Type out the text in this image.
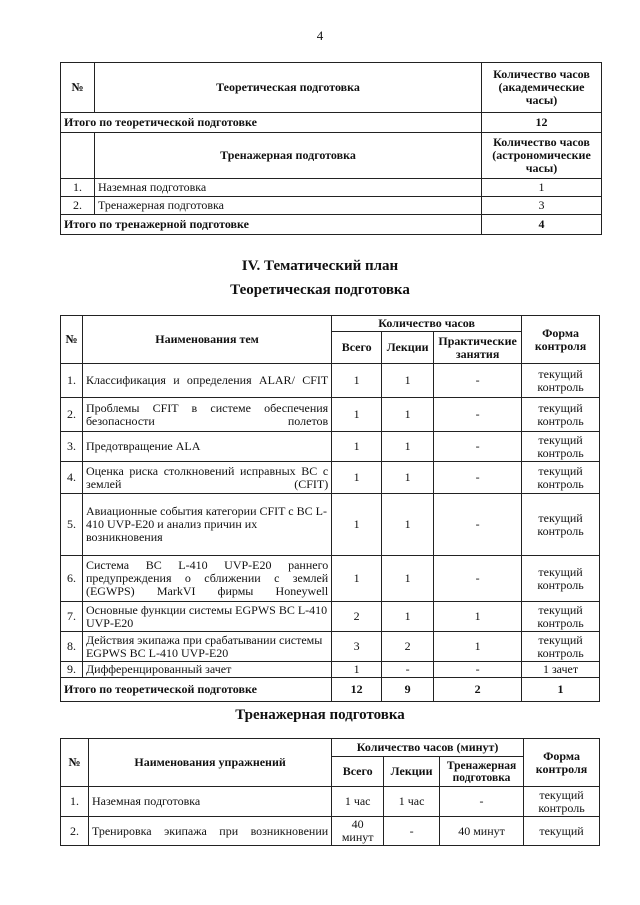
4
№	Теоретическая подготовка	Количество часов (академические часы)
Итого по теоретической подготовке		12
	Тренажерная подготовка	Количество часов (астрономические часы)
1.	Наземная подготовка	1
2.	Тренажерная подготовка	3
Итого по тренажерной подготовке		4
IV. Тематический план
Теоретическая подготовка
№	Наименования тем	Количество часов			Форма контроля
		Всего	Лекции	Практические занятия	
1.	Классификация и определения ALAR/ CFIT	1	1	-	текущий контроль
2.	Проблемы CFIT в системе обеспечения безопасности полетов	1	1	-	текущий контроль
3.	Предотвращение ALA	1	1	-	текущий контроль
4.	Оценка риска столкновений исправных ВС с землей (CFIT)	1	1	-	текущий контроль
5.	Авиационные события категории CFIT с ВС L-410 UVP-E20 и анализ причин их возникновения	1	1	-	текущий контроль
6.	Система ВС L-410 UVP-E20 раннего предупреждения о сближении с землей (EGWPS) MarkVI фирмы Honeywell	1	1	-	текущий контроль
7.	Основные функции системы EGPWS ВС L-410 UVP-E20	2	1	1	текущий контроль
8.	Действия экипажа при срабатывании системы EGPWS ВС L-410 UVP-E20	3	2	1	текущий контроль
9.	Дифференцированный зачет	1	-	-	1 зачет
Итого по теоретической подготовке		12	9	2	1
Тренажерная подготовка
№	Наименования упражнений	Количество часов (минут)			Форма контроля
		Всего	Лекции	Тренажерная подготовка	
1.	Наземная подготовка	1 час	1 час	-	текущий контроль
2.	Тренировка экипажа при возникновении	40 минут	-	40 минут	текущий
